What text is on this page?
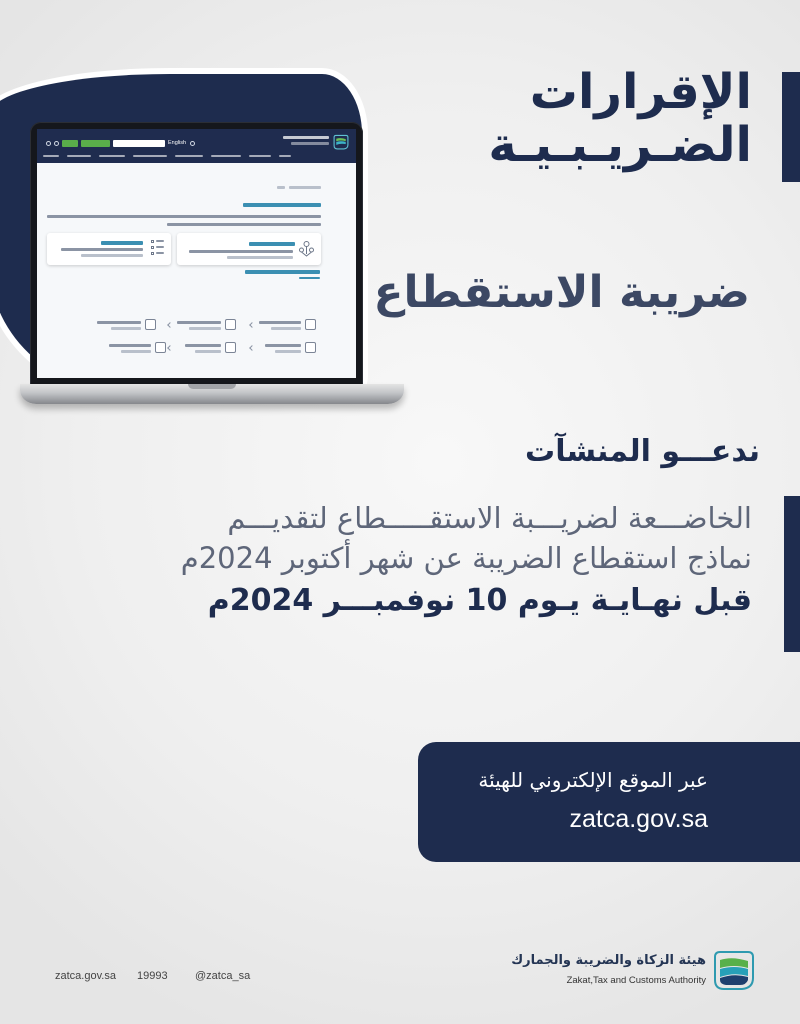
English
الإقرارات
الضـريـبـيـة
ضريبة الاستقطاع
ندعـــو المنشآت
الخاضـــعة لضريـــبة الاستقـــــطاع لتقديـــم
نماذج استقطاع الضريبة عن شهر أكتوبر 2024م
قبل نهـايـة يـوم 10 نوفمبـــر 2024م
عبر الموقع الإلكتروني للهيئة
zatca.gov.sa
zatca.gov.sa 19993 @zatca_sa
هيئة الزكاة والضريبة والجمارك
Zakat,Tax and Customs Authority
